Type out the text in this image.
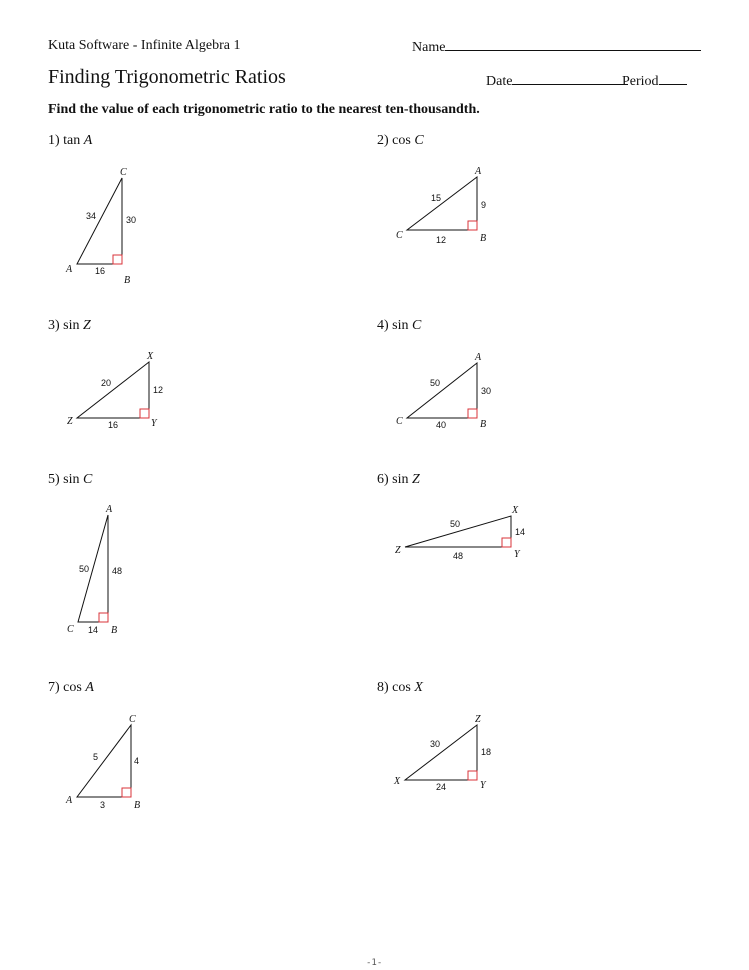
Kuta Software - Infinite Algebra 1	Name
Finding Trigonometric Ratios	Date	Period
Find the value of each trigonometric ratio to the nearest ten-thousandth.
1) tan A	2) cos C
3) sin Z	4) sin C
5) sin C	6) sin Z
7) cos A	8) cos X
A
B
C
34	30
16
C	B
A
15
9
12
Z	Y
X
20
12
16	C	B
A
50
30
40
C	B
A
50	48
14
Z	Y
X
50
14
48
A	B
C
5	4
3
X	Y
Z
30
18
24
-1-
